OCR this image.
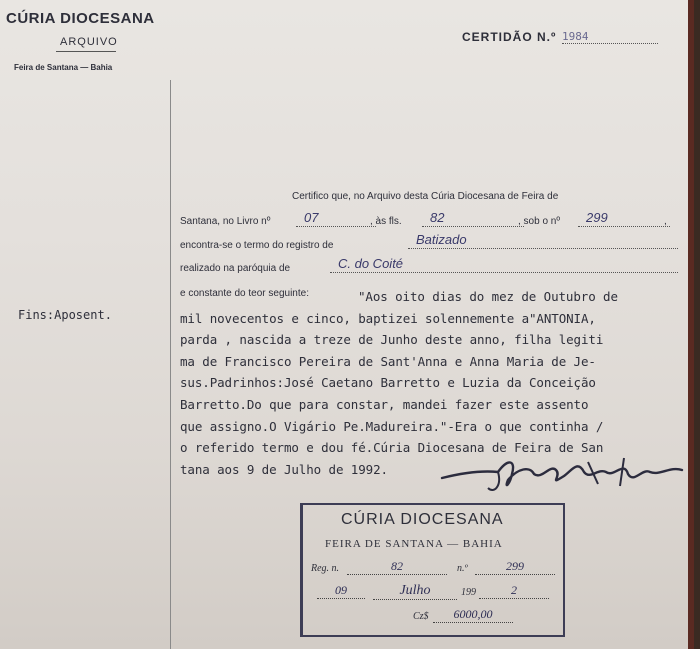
CÚRIA DIOCESANA
ARQUIVO
Feira de Santana — Bahia
CERTIDÃO N.º 1984
Fins:Aposent.
Certifico que, no Arquivo desta Cúria Diocesana de Feira de
Santana, no Livro nº	07	, às fls.	82	, sob o nº	299	,
encontra-se o termo do registro de	Batizado
realizado na paróquia de	C. do Coité
e constante do teor seguinte:	"Aos oito dias do mez de Outubro de
mil novecentos e cinco, baptizei solennemente a"ANTONIA,
parda , nascida a treze de Junho deste anno, filha legiti
ma de Francisco Pereira de Sant'Anna e Anna Maria de Je-
sus.Padrinhos:José Caetano Barretto e Luzia da Conceição
Barretto.Do que para constar, mandei fazer este assento
que assigno.O Vigário Pe.Madureira."-Era o que continha /
o referido termo e dou fé.Cúria Diocesana de Feira de San
tana aos 9 de Julho de 1992.
CÚRIA DIOCESANA
FEIRA DE SANTANA — BAHIA
Reg. n.	82	n.º	299
09	Julho	199	2
Cz$	6000,00
